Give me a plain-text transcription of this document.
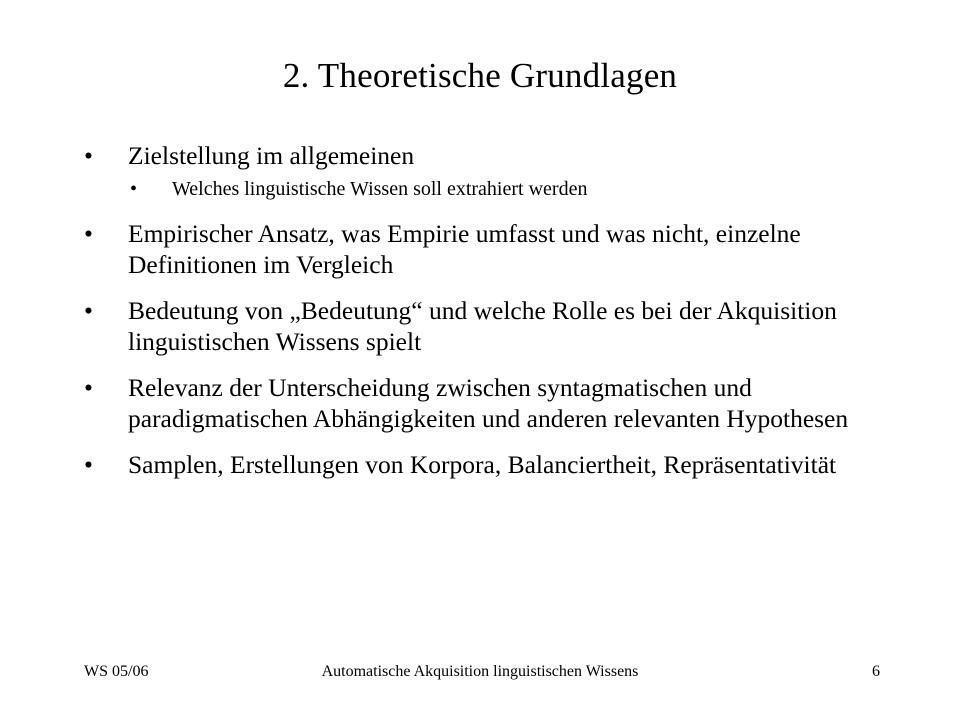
2. Theoretische Grundlagen
• Zielstellung im allgemeinen
• Welches linguistische Wissen soll extrahiert werden
• Empirischer Ansatz, was Empirie umfasst und was nicht, einzelne Definitionen im Vergleich
• Bedeutung von „Bedeutung“ und welche Rolle es bei der Akquisition linguistischen Wissens spielt
• Relevanz der Unterscheidung zwischen syntagmatischen und paradigmatischen Abhängigkeiten und anderen relevanten Hypothesen
• Samplen, Erstellungen von Korpora, Balanciertheit, Repräsentativität
WS 05/06	Automatische Akquisition linguistischen Wissens	6
